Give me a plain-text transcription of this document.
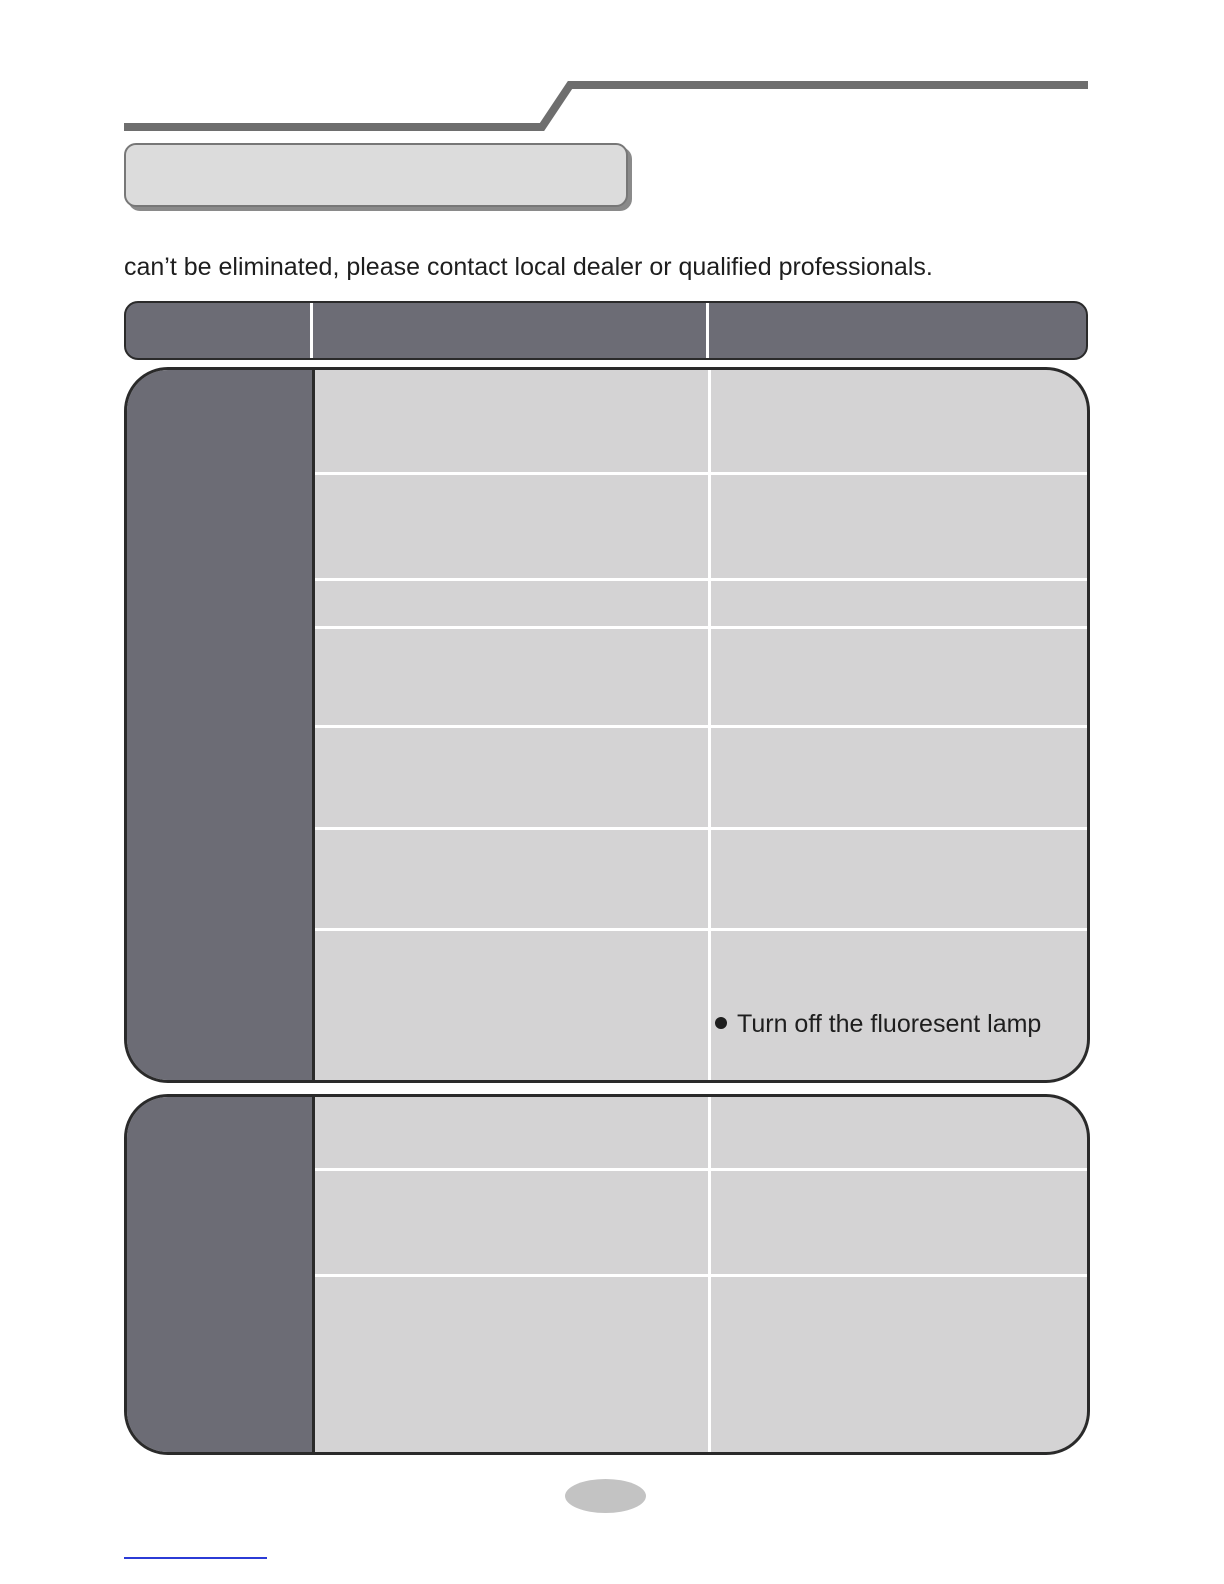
can’t be eliminated, please contact local dealer or qualified professionals.
Turn off the fluoresent lamp
